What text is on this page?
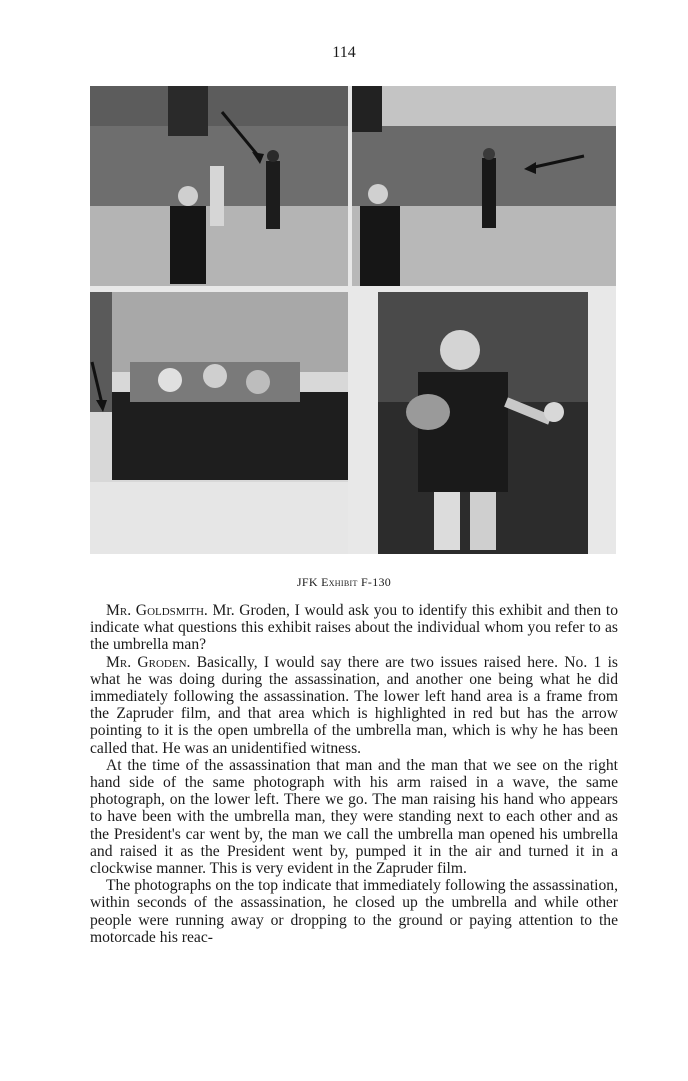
114
JFK Exhibit F-130

Mr. Goldsmith. Mr. Groden, I would ask you to identify this exhibit and then to indicate what questions this exhibit raises about the individual whom you refer to as the umbrella man?

Mr. Groden. Basically, I would say there are two issues raised here. No. 1 is what he was doing during the assassination, and another one being what he did immediately following the assassination. The lower left hand area is a frame from the Zapruder film, and that area which is highlighted in red but has the arrow pointing to it is the open umbrella of the umbrella man, which is why he has been called that. He was an unidentified witness.

At the time of the assassination that man and the man that we see on the right hand side of the same photograph with his arm raised in a wave, the same photograph, on the lower left. There we go. The man raising his hand who appears to have been with the umbrella man, they were standing next to each other and as the President's car went by, the man we call the umbrella man opened his umbrella and raised it as the President went by, pumped it in the air and turned it in a clockwise manner. This is very evident in the Zapruder film.

The photographs on the top indicate that immediately following the assassination, within seconds of the assassination, he closed up the umbrella and while other people were running away or dropping to the ground or paying attention to the motorcade his reac-
